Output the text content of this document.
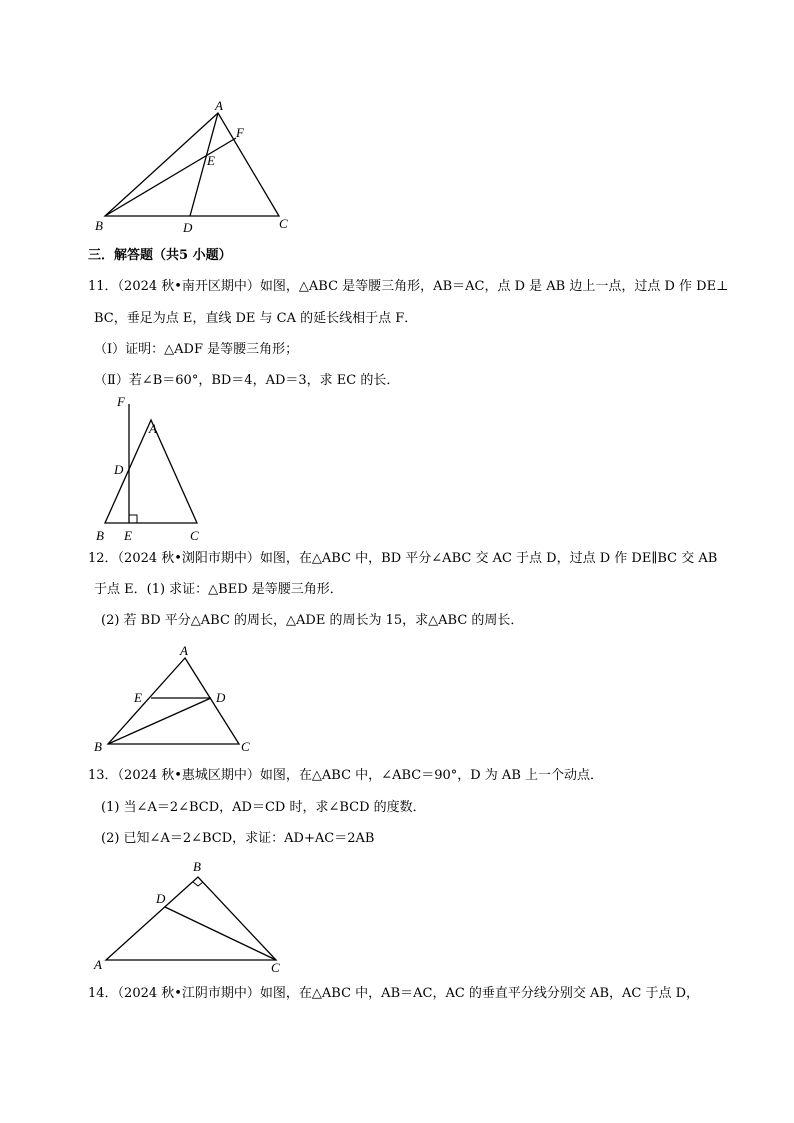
A
F
E
B	D	C
三．解答题（共5 小题）
11．（2024 秋•南开区期中）如图，△ABC 是等腰三角形，AB＝AC，点 D 是 AB 边上一点，过点 D 作 DE⊥
BC，垂足为点 E，直线 DE 与 CA 的延长线相于点 F．
（Ⅰ）证明：△ADF 是等腰三角形；
（Ⅱ）若∠B＝60°，BD＝4，AD＝3，求 EC 的长．
F
A
D
B E	C
12．（2024 秋•浏阳市期中）如图，在△ABC 中，BD 平分∠ABC 交 AC 于点 D，过点 D 作 DE∥BC 交 AB
于点 E．(1) 求证：△BED 是等腰三角形．
(2) 若 BD 平分△ABC 的周长，△ADE 的周长为 15，求△ABC 的周长．
A
E	D
B	C
13．（2024 秋•惠城区期中）如图，在△ABC 中，∠ABC＝90°，D 为 AB 上一个动点．
(1) 当∠A＝2∠BCD，AD＝CD 时，求∠BCD 的度数．
(2) 已知∠A＝2∠BCD，求证：AD+AC＝2AB
B
D
A	C
14．（2024 秋•江阴市期中）如图，在△ABC 中，AB＝AC，AC 的垂直平分线分别交 AB，AC 于点 D，
